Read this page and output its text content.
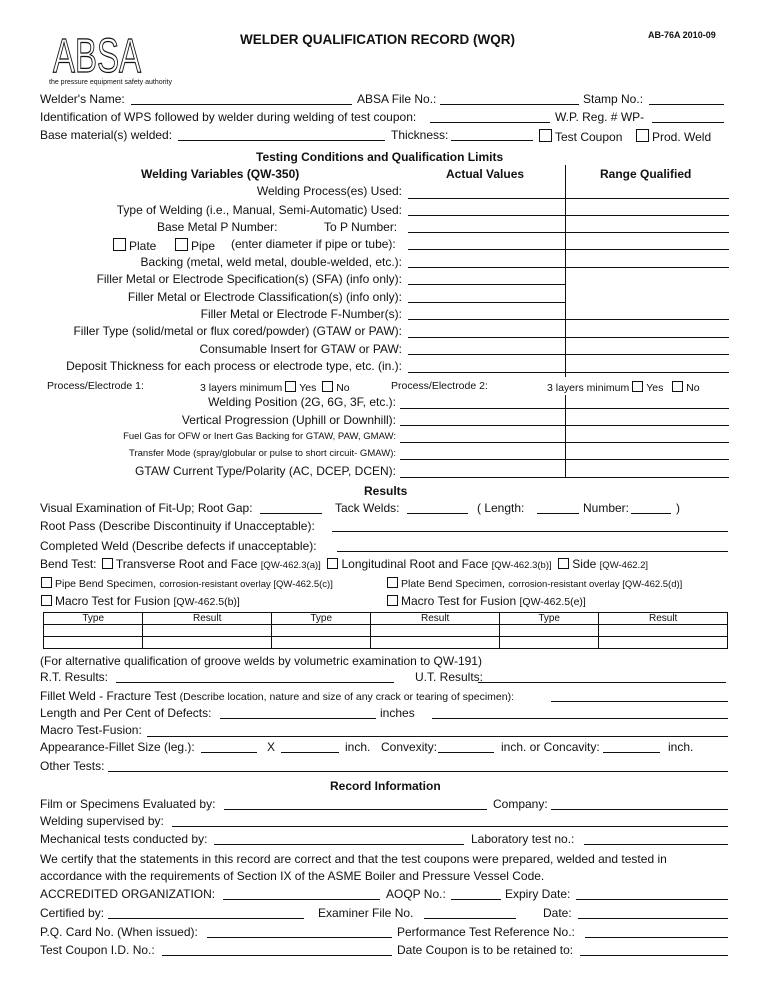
ABSA
the pressure equipment safety authority
WELDER QUALIFICATION RECORD (WQR)	AB-76A 2010-09
Welder's Name:	ABSA File No.:	Stamp No.:
Identification of WPS followed by welder during welding of test coupon:	W.P. Reg. # WP-
Base material(s) welded:	Thickness:	Test Coupon	Prod. Weld
Testing Conditions and Qualification Limits
Welding Variables (QW-350)	Actual Values	Range Qualified
Welding Process(es) Used:
Type of Welding (i.e., Manual, Semi-Automatic) Used:
Base Metal P Number:	To P Number:
Plate	Pipe (enter diameter if pipe or tube):
Backing (metal, weld metal, double-welded, etc.):
Filler Metal or Electrode Specification(s) (SFA) (info only):
Filler Metal or Electrode Classification(s) (info only):
Filler Metal or Electrode F-Number(s):
Filler Type (solid/metal or flux cored/powder) (GTAW or PAW):
Consumable Insert for GTAW or PAW:
Deposit Thickness for each process or electrode type, etc. (in.):
Process/Electrode 1:	3 layers minimum Yes No	Process/Electrode 2:	3 layers minimum Yes No
Welding Position (2G, 6G, 3F, etc.):
Vertical Progression (Uphill or Downhill):
Fuel Gas for OFW or Inert Gas Backing for GTAW, PAW, GMAW:
Transfer Mode (spray/globular or pulse to short circuit- GMAW):
GTAW Current Type/Polarity (AC, DCEP, DCEN):
Results
Visual Examination of Fit-Up; Root Gap:	Tack Welds:	( Length:	Number:	)
Root Pass (Describe Discontinuity if Unacceptable):
Completed Weld (Describe defects if unacceptable):
Bend Test: Transverse Root and Face [QW-462.3(a)] Longitudinal Root and Face [QW-462.3(b)] Side [QW-462.2]
Pipe Bend Specimen, corrosion-resistant overlay [QW-462.5(c)]	Plate Bend Specimen, corrosion-resistant overlay [QW-462.5(d)]
Macro Test for Fusion [QW-462.5(b)]	Macro Test for Fusion [QW-462.5(e)]
Type	Result	Type	Result	Type	Result

(For alternative qualification of groove welds by volumetric examination to QW-191)
R.T. Results:	U.T. Results:
Fillet Weld - Fracture Test (Describe location, nature and size of any crack or tearing of specimen):
Length and Per Cent of Defects:	inches
Macro Test-Fusion:
Appearance-Fillet Size (leg.):	X	inch. Convexity:	inch. or Concavity:	inch.
Other Tests:
Record Information
Film or Specimens Evaluated by:	Company:
Welding supervised by:
Mechanical tests conducted by:	Laboratory test no.:
We certify that the statements in this record are correct and that the test coupons were prepared, welded and tested in
accordance with the requirements of Section IX of the ASME Boiler and Pressure Vessel Code.
ACCREDITED ORGANIZATION:	AOQP No.:	Expiry Date:
Certified by:	Examiner File No.	Date:
P.Q. Card No. (When issued):	Performance Test Reference No.:
Test Coupon I.D. No.:	Date Coupon is to be retained to:
